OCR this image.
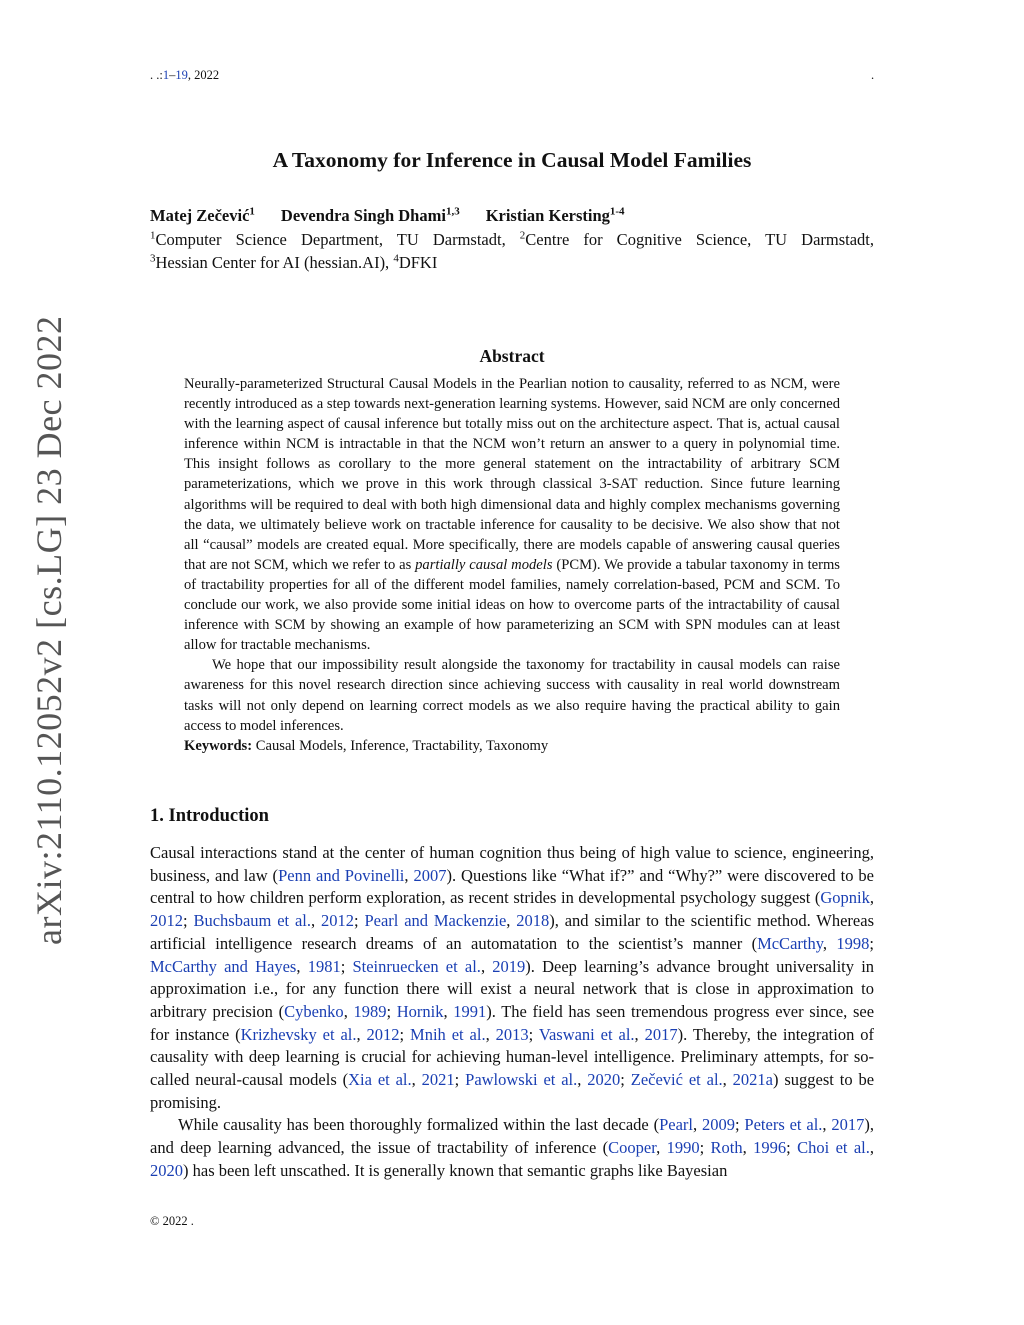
. .:1–19, 2022	.
A Taxonomy for Inference in Causal Model Families
Matej Zečević$^1$ Devendra Singh Dhami$^{1,3}$ Kristian Kersting$^{1-4}$
$^1$Computer Science Department, TU Darmstadt, $^2$Centre for Cognitive Science, TU Darmstadt,
$^3$Hessian Center for AI (hessian.AI), $^4$DFKI
arXiv:2110.12052v2 [cs.LG] 23 Dec 2022	Abstract

Neurally-parameterized Structural Causal Models in the Pearlian notion to causality, referred to as NCM, were recently introduced as a step towards next-generation learning systems. However, said NCM are only concerned with the learning aspect of causal inference but totally miss out on the architecture aspect. That is, actual causal inference within NCM is intractable in that the NCM won’t return an answer to a query in polynomial time. This insight follows as corollary to the more general statement on the intractability of arbitrary SCM parameterizations, which we prove in this work through classical 3-SAT reduction. Since future learning algorithms will be required to deal with both high dimensional data and highly complex mechanisms governing the data, we ultimately believe work on tractable inference for causality to be decisive. We also show that not all “causal” models are created equal. More specifically, there are models capable of answering causal queries that are not SCM, which we refer to as partially causal models (PCM). We provide a tabular taxonomy in terms of tractability properties for all of the different model families, namely correlation-based, PCM and SCM. To conclude our work, we also provide some initial ideas on how to overcome parts of the intractability of causal inference with SCM by showing an example of how parameterizing an SCM with SPN modules can at least allow for tractable mechanisms.

We hope that our impossibility result alongside the taxonomy for tractability in causal models can raise awareness for this novel research direction since achieving success with causality in real world downstream tasks will not only depend on learning correct models as we also require having the practical ability to gain access to model inferences.

Keywords: Causal Models, Inference, Tractability, Taxonomy

1. Introduction

Causal interactions stand at the center of human cognition thus being of high value to science, engineering, business, and law (Penn and Povinelli, 2007). Questions like “What if?” and “Why?” were discovered to be central to how children perform exploration, as recent strides in developmental psychology suggest (Gopnik, 2012; Buchsbaum et al., 2012; Pearl and Mackenzie, 2018), and similar to the scientific method. Whereas artificial intelligence research dreams of an automatation to the scientist’s manner (McCarthy, 1998; McCarthy and Hayes, 1981; Steinruecken et al., 2019). Deep learning’s advance brought universality in approximation i.e., for any function there will exist a neural network that is close in approximation to arbitrary precision (Cybenko, 1989; Hornik, 1991). The field has seen tremendous progress ever since, see for instance (Krizhevsky et al., 2012; Mnih et al., 2013; Vaswani et al., 2017). Thereby, the integration of causality with deep learning is crucial for achieving human-level intelligence. Preliminary attempts, for so-called neural-causal models (Xia et al., 2021; Pawlowski et al., 2020; Zečević et al., 2021a) suggest to be promising.

While causality has been thoroughly formalized within the last decade (Pearl, 2009; Peters et al., 2017), and deep learning advanced, the issue of tractability of inference (Cooper, 1990; Roth, 1996; Choi et al., 2020) has been left unscathed. It is generally known that semantic graphs like Bayesian

© 2022 .
